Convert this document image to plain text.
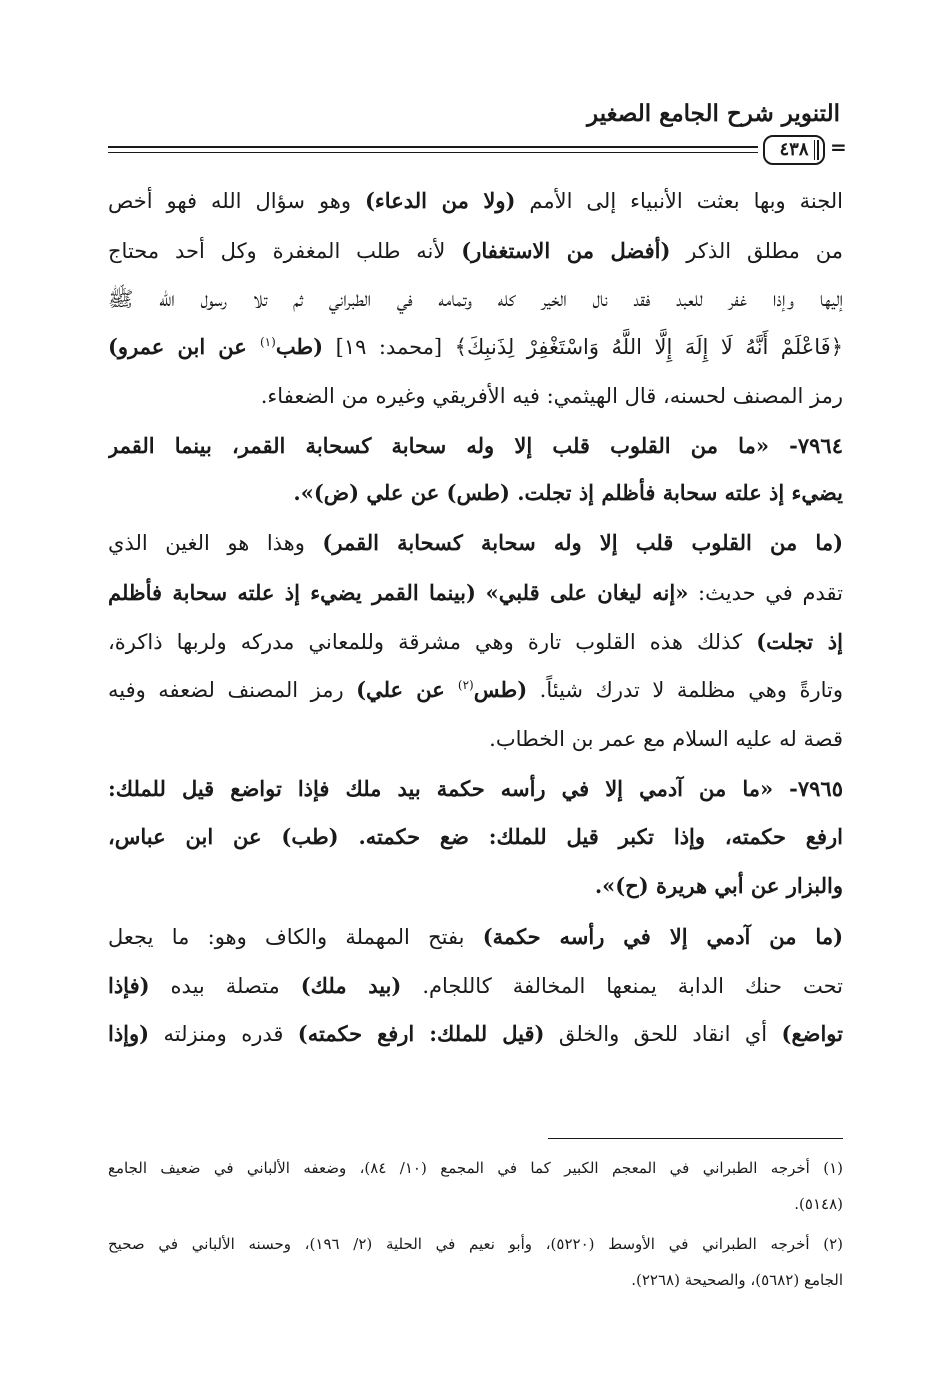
التنوير شرح الجامع الصغير
٤٣٨	=
الجنة وبها بعثت الأنبياء إلى الأمم (ولا من الدعاء) وهو سؤال الله فهو أخص
من مطلق الذكر (أفضل من الاستغفار) لأنه طلب المغفرة وكل أحد محتاج
إليها وإذا غفر للعبد فقد نال الخير كله وتمامه في الطبراني ثم تلا رسول الله ﷺ
﴿فَاعْلَمْ أَنَّهُ لَا إِلَهَ إِلَّا اللَّهُ وَاسْتَغْفِرْ لِذَنبِكَ﴾ [محمد: ١٩] (طب$^{(١)}$ عن ابن عمرو)
رمز المصنف لحسنه، قال الهيثمي: فيه الأفريقي وغيره من الضعفاء.
٧٩٦٤- «ما من القلوب قلب إلا وله سحابة كسحابة القمر، بينما القمر
يضيء إذ علته سحابة فأظلم إذ تجلت. (طس) عن علي (ض)».
(ما من القلوب قلب إلا وله سحابة كسحابة القمر) وهذا هو الغين الذي
تقدم في حديث: «إنه ليغان على قلبي» (بينما القمر يضيء إذ علته سحابة فأظلم
إذ تجلت) كذلك هذه القلوب تارة وهي مشرقة وللمعاني مدركه ولربها ذاكرة،
وتارةً وهي مظلمة لا تدرك شيئاً. (طس$^{(٢)}$ عن علي) رمز المصنف لضعفه وفيه
قصة له عليه السلام مع عمر بن الخطاب.
٧٩٦٥- «ما من آدمي إلا في رأسه حكمة بيد ملك فإذا تواضع قيل للملك:
ارفع حكمته، وإذا تكبر قيل للملك: ضع حكمته. (طب) عن ابن عباس،
والبزار عن أبي هريرة (ح)».
(ما من آدمي إلا في رأسه حكمة) بفتح المهملة والكاف وهو: ما يجعل
تحت حنك الدابة يمنعها المخالفة كاللجام. (بيد ملك) متصلة بيده (فإذا
تواضع) أي انقاد للحق والخلق (قيل للملك: ارفع حكمته) قدره ومنزلته (وإذا
(١) أخرجه الطبراني في المعجم الكبير كما في المجمع (١٠/ ٨٤)، وضعفه الألباني في ضعيف الجامع
(٥١٤٨).
(٢) أخرجه الطبراني في الأوسط (٥٢٢٠)، وأبو نعيم في الحلية (٢/ ١٩٦)، وحسنه الألباني في صحيح
الجامع (٥٦٨٢)، والصحيحة (٢٢٦٨).
